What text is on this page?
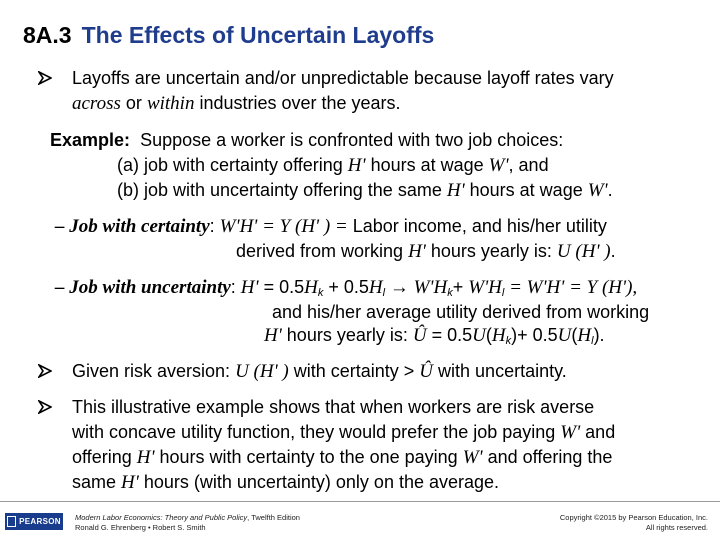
8A.3 The Effects of Uncertain Layoffs
Layoffs are uncertain and/or unpredictable because layoff rates vary
across or within industries over the years.
Example: Suppose a worker is confronted with two job choices:
(a) job with certainty offering H' hours at wage W', and
(b) job with uncertainty offering the same H' hours at wage W'.
– Job with certainty: W'H' = Y (H' ) = Labor income, and his/her utility
derived from working H' hours yearly is: U (H' ).
– Job with uncertainty: $H' = 0.5H_k + 0.5H_l \to W'H_k+ W'H_l = W'H' = Y$ (H'),
and his/her average utility derived from working
H' hours yearly is: Û = $0.5U(H_k)+ 0.5U(H_l)$.
Given risk aversion: U (H' ) with certainty > Û with uncertainty.
This illustrative example shows that when workers are risk averse
with concave utility function, they would prefer the job paying W' and
offering H' hours with certainty to the one paying W' and offering the
same H' hours (with uncertainty) only on the average.
PEARSON Modern Labor Economics: Theory and Public Policy, Twelfth Edition
Ronald G. Ehrenberg • Robert S. Smith
Copyright ©2015 by Pearson Education, Inc.
All rights reserved.
